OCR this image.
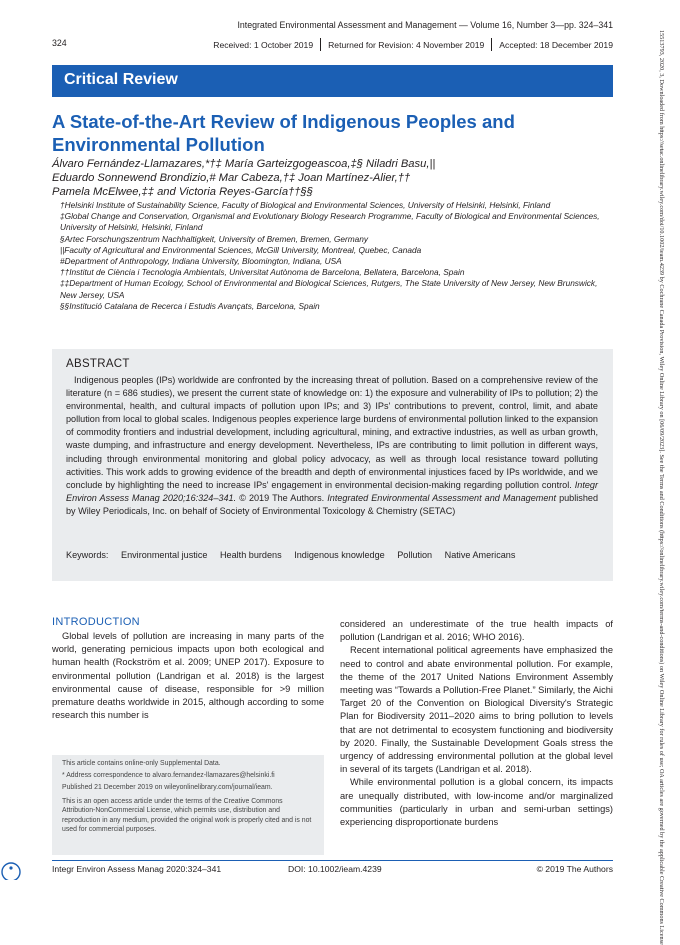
Integrated Environmental Assessment and Management — Volume 16, Number 3—pp. 324–341
324	Received: 1 October 2019 Returned for Revision: 4 November 2019 Accepted: 18 December 2019	15513793, 2020, 3, Downloaded from https://setac.onlinelibrary.wiley.com/doi/10.1002/ieam.4239 by Cochrane Canada Provision, Wiley Online Library on [06/09/2023]. See the Terms and Conditions (https://onlinelibrary.wiley.com/terms-and-conditions) on Wiley Online Library for rules of use; OA articles are governed by the applicable Creative Commons License
Critical Review
A State-of-the-Art Review of Indigenous Peoples and Environmental Pollution
Álvaro Fernández-Llamazares,*†‡ María Garteizgogeascoa,‡§ Niladri Basu,||
Eduardo Sonnewend Brondizio,# Mar Cabeza,†‡ Joan Martínez-Alier,††
Pamela McElwee,‡‡ and Victoria Reyes-García††§§
†Helsinki Institute of Sustainability Science, Faculty of Biological and Environmental Sciences, University of Helsinki, Helsinki, Finland
‡Global Change and Conservation, Organismal and Evolutionary Biology Research Programme, Faculty of Biological and Environmental Sciences, University of Helsinki, Helsinki, Finland
§Artec Forschungszentrum Nachhaltigkeit, University of Bremen, Bremen, Germany
||Faculty of Agricultural and Environmental Sciences, McGill University, Montreal, Quebec, Canada
#Department of Anthropology, Indiana University, Bloomington, Indiana, USA
††Institut de Ciència i Tecnologia Ambientals, Universitat Autònoma de Barcelona, Bellatera, Barcelona, Spain
‡‡Department of Human Ecology, School of Environmental and Biological Sciences, Rutgers, The State University of New Jersey, New Brunswick, New Jersey, USA
§§Institució Catalana de Recerca i Estudis Avançats, Barcelona, Spain
ABSTRACT
Indigenous peoples (IPs) worldwide are confronted by the increasing threat of pollution. Based on a comprehensive review of the literature (n = 686 studies), we present the current state of knowledge on: 1) the exposure and vulnerability of IPs to pollution; 2) the environmental, health, and cultural impacts of pollution upon IPs; and 3) IPs' contributions to prevent, control, limit, and abate pollution from local to global scales. Indigenous peoples experience large burdens of environmental pollution linked to the expansion of commodity frontiers and industrial development, including agricultural, mining, and extractive industries, as well as urban growth, waste dumping, and infrastructure and energy development. Nevertheless, IPs are contributing to limit pollution in different ways, including through environmental monitoring and global policy advocacy, as well as through local resistance toward polluting activities. This work adds to growing evidence of the breadth and depth of environmental injustices faced by IPs worldwide, and we conclude by highlighting the need to increase IPs' engagement in environmental decision-making regarding pollution control. Integr Environ Assess Manag 2020;16:324–341. © 2019 The Authors. Integrated Environmental Assessment and Management published by Wiley Periodicals, Inc. on behalf of Society of Environmental Toxicology & Chemistry (SETAC)
Keywords: Environmental justice Health burdens Indigenous knowledge Pollution Native Americans
INTRODUCTION

Global levels of pollution are increasing in many parts of the world, generating pernicious impacts upon both ecological and human health (Rockström et al. 2009; UNEP 2017). Exposure to environmental pollution (Landrigan et al. 2018) is the largest environmental cause of disease, responsible for >9 million premature deaths worldwide in 2015, although according to some research this number is

considered an underestimate of the true health impacts of pollution (Landrigan et al. 2016; WHO 2016).

Recent international political agreements have emphasized the need to control and abate environmental pollution. For example, the theme of the 2017 United Nations Environment Assembly meeting was “Towards a Pollution-Free Planet.” Similarly, the Aichi Target 20 of the Convention on Biological Diversity's Strategic Plan for Biodiversity 2011–2020 aims to bring pollution to levels that are not detrimental to ecosystem functioning and biodiversity by 2020. Finally, the Sustainable Development Goals stress the urgency of addressing environmental pollution at the global level in several of its targets (Landrigan et al. 2018).

While environmental pollution is a global concern, its impacts are unequally distributed, with low-income and/or marginalized communities (particularly in urban and semi-urban settings) experiencing disproportionate burdens

This article contains online-only Supplemental Data.
* Address correspondence to alvaro.fernandez-llamazares@helsinki.fi
Published 21 December 2019 on wileyonlinelibrary.com/journal/ieam.
This is an open access article under the terms of the Creative Commons Attribution-NonCommercial License, which permits use, distribution and reproduction in any medium, provided the original work is properly cited and is not used for commercial purposes.
Integr Environ Assess Manag 2020:324–341	DOI: 10.1002/ieam.4239	© 2019 The Authors
